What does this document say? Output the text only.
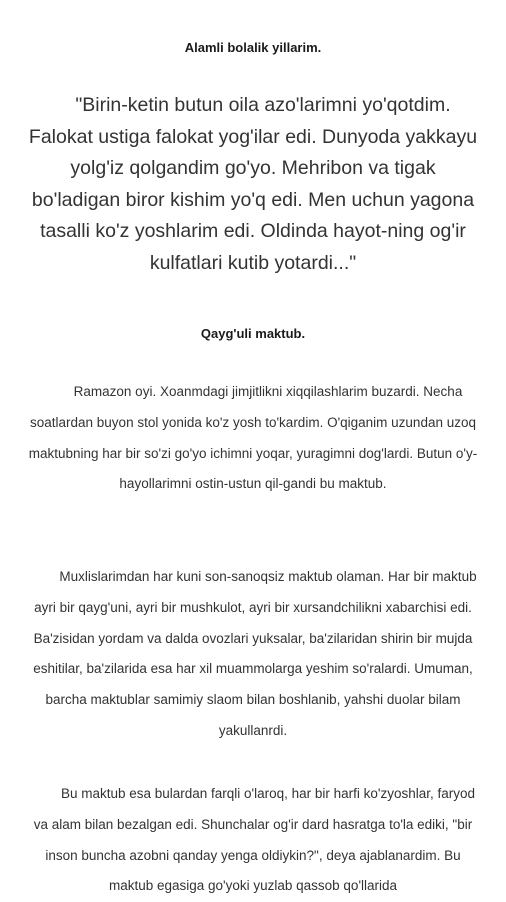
Alamli bolalik yillarim.

"Birin-ketin butun oila azo'larimni yo'qotdim. Falokat ustiga falokat yog'ilar edi. Dunyoda yakkayu yolg'iz qolgandim go'yo. Mehribon va tigak bo'ladigan biror kishim yo'q edi. Men uchun yagona tasalli ko'z yoshlarim edi. Oldinda hayot-ning og'ir kulfatlari kutib yotardi..."

Qayg'uli maktub.

Ramazon oyi. Xoanmdagi jimjitlikni xiqqilashlarim buzardi. Necha soatlardan buyon stol yonida ko'z yosh to'kardim. O'qiganim uzundan uzoq maktubning har bir so'zi go'yo ichimni yoqar, yuragimni dog'lardi. Butun o'y-hayollarimni ostin-ustun qil-gandi bu maktub.

Muxlislarimdan har kuni son-sanoqsiz maktub olaman. Har bir maktub ayri bir qayg'uni, ayri bir mushkulot, ayri bir xursandchilikni xabarchisi edi. Ba'zisidan yordam va dalda ovozlari yuksalar, ba'zilaridan shirin bir mujda eshitilar, ba'zilarida esa har xil muammolarga yeshim so'ralardi. Umuman, barcha maktublar samimiy slaom bilan boshlanib, yahshi duolar bilam yakullanrdi.

Bu maktub esa bulardan farqli o'laroq, har bir harfi ko'zyoshlar, faryod va alam bilan bezalgan edi. Shunchalar og'ir dard hasratga to'la ediki, "bir inson buncha azobni qanday yenga oldiykin?", deya ajablanardim. Bu maktub egasiga go'yoki yuzlab qassob qo'llarida
